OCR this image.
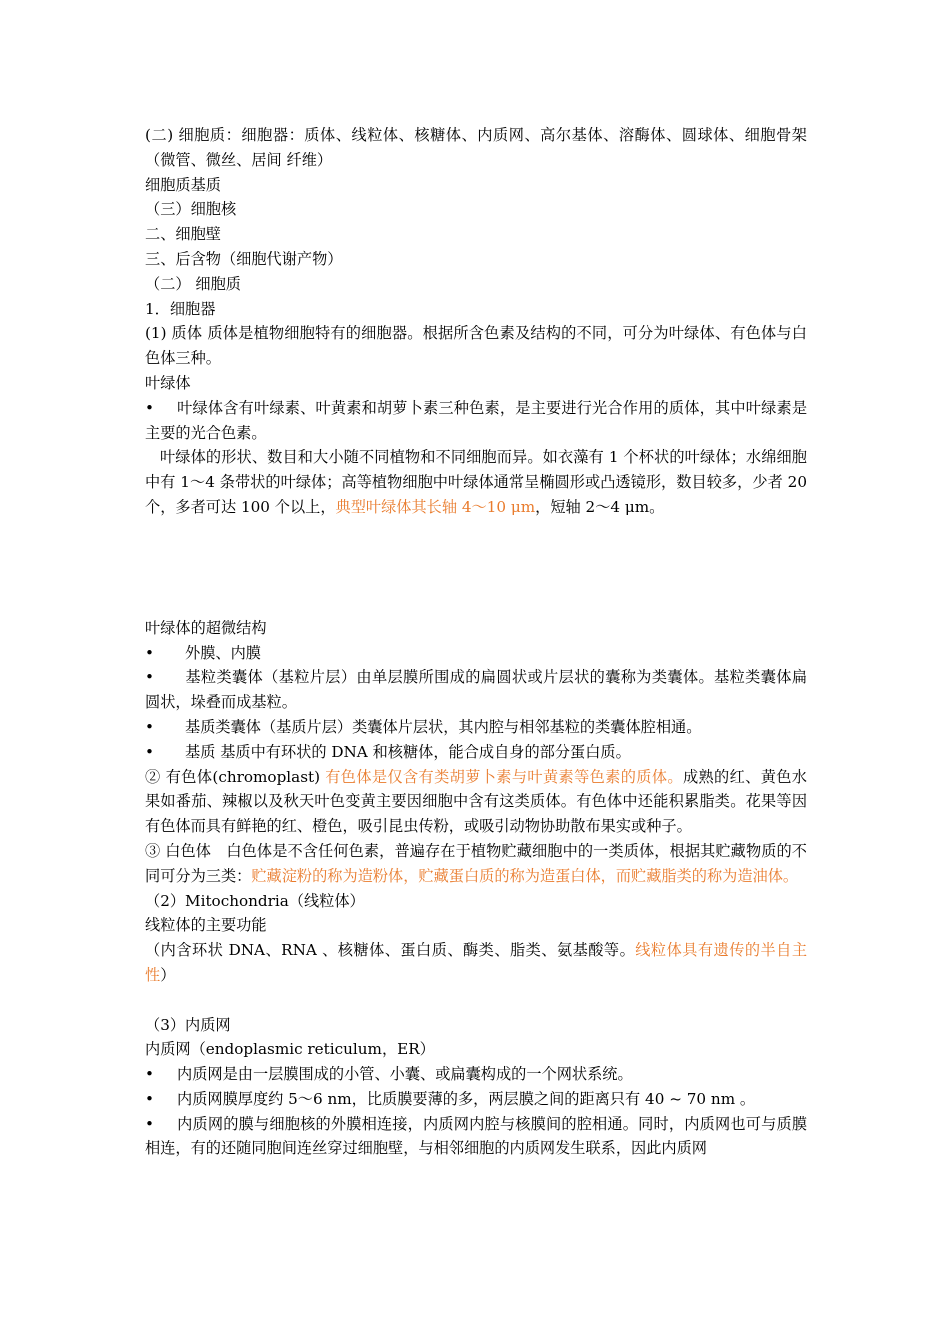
(二) 细胞质：细胞器：质体、线粒体、核糖体、内质网、高尔基体、溶酶体、圆球体、细胞骨架（微管、微丝、居间 纤维）

细胞质基质

（三）细胞核

二、细胞壁

三、后含物（细胞代谢产物）

（二） 细胞质

1．细胞器

(1) 质体 质体是植物细胞特有的细胞器。根据所含色素及结构的不同，可分为叶绿体、有色体与白色体三种。

叶绿体

• 叶绿体含有叶绿素、叶黄素和胡萝卜素三种色素，是主要进行光合作用的质体，其中叶绿素是主要的光合色素。

叶绿体的形状、数目和大小随不同植物和不同细胞而异。如衣藻有 1 个杯状的叶绿体；水绵细胞中有 1～4 条带状的叶绿体；高等植物细胞中叶绿体通常呈椭圆形或凸透镜形，数目较多，少者 20 个，多者可达 100 个以上，典型叶绿体其长轴 4～10 μm，短轴 2～4 μm。

叶绿体的超微结构

• 外膜、内膜

• 基粒类囊体（基粒片层）由单层膜所围成的扁圆状或片层状的囊称为类囊体。基粒类囊体扁圆状，垛叠而成基粒。

• 基质类囊体（基质片层）类囊体片层状，其内腔与相邻基粒的类囊体腔相通。

• 基质 基质中有环状的 DNA 和核糖体，能合成自身的部分蛋白质。

② 有色体(chromoplast) 有色体是仅含有类胡萝卜素与叶黄素等色素的质体。成熟的红、黄色水果如番茄、辣椒以及秋天叶色变黄主要因细胞中含有这类质体。有色体中还能积累脂类。花果等因有色体而具有鲜艳的红、橙色，吸引昆虫传粉，或吸引动物协助散布果实或种子。

③ 白色体　白色体是不含任何色素，普遍存在于植物贮藏细胞中的一类质体，根据其贮藏物质的不同可分为三类：贮藏淀粉的称为造粉体，贮藏蛋白质的称为造蛋白体，而贮藏脂类的称为造油体。

（2）Mitochondria（线粒体）

线粒体的主要功能

（内含环状 DNA、RNA 、核糖体、蛋白质、酶类、脂类、氨基酸等。线粒体具有遗传的半自主性）

（3）内质网

内质网（endoplasmic reticulum，ER）

• 内质网是由一层膜围成的小管、小囊、或扁囊构成的一个网状系统。

• 内质网膜厚度约 5～6 nm，比质膜要薄的多，两层膜之间的距离只有 40 ~ 70 nm 。

• 内质网的膜与细胞核的外膜相连接，内质网内腔与核膜间的腔相通。同时，内质网也可与质膜相连，有的还随同胞间连丝穿过细胞壁，与相邻细胞的内质网发生联系，因此内质网
